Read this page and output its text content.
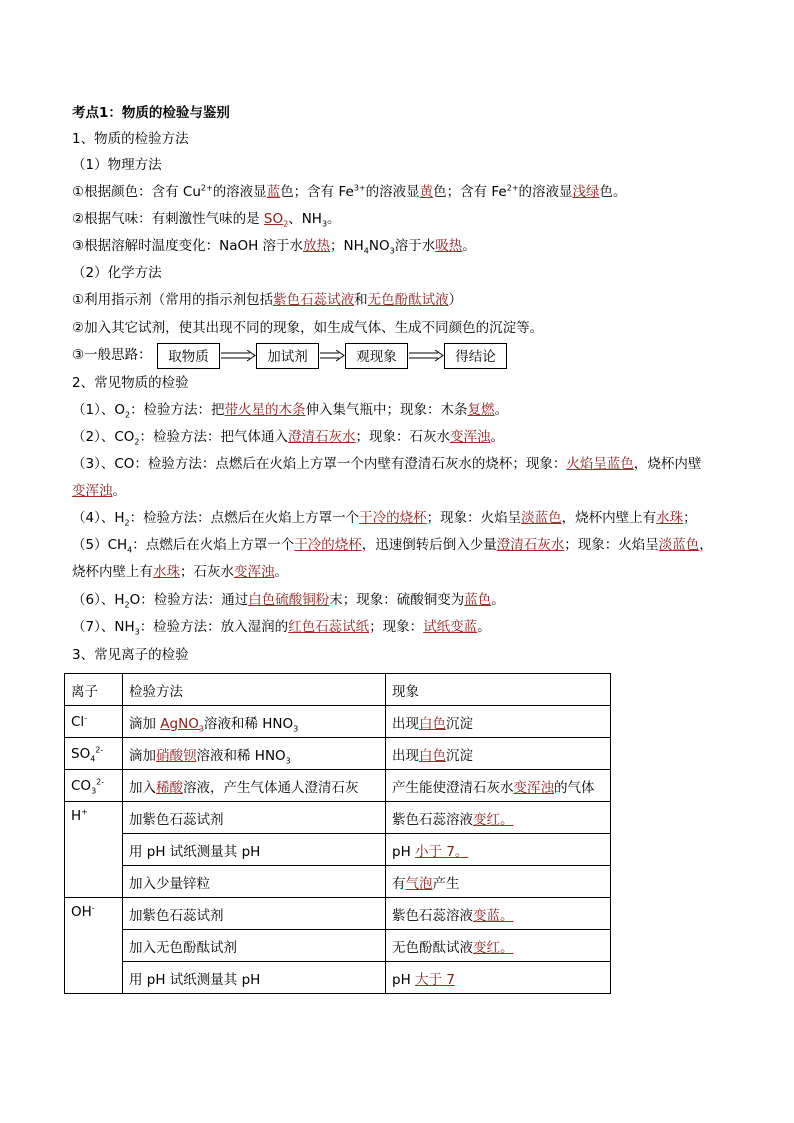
考点1：物质的检验与鉴别
1、物质的检验方法
（1）物理方法
①根据颜色：含有 $Cu^{2+}$的溶液显蓝色；含有 $Fe^{3+}$的溶液显黄色；含有 $Fe^{2+}$的溶液显浅绿色。
②根据气味：有刺激性气味的是 $SO_2$、$NH_3$。
③根据溶解时温度变化：NaOH 溶于水放热；$NH_4NO_3$溶于水吸热。
（2）化学方法
①利用指示剂（常用的指示剂包括紫色石蕊试液和无色酚酞试液）
②加入其它试剂，使其出现不同的现象，如生成气体、生成不同颜色的沉淀等。
③一般思路：	取物质	加试剂	观现象	得结论
2、常见物质的检验
（1）、$O_2$：检验方法：把带火星的木条伸入集气瓶中；现象：木条复燃。
（2）、$CO_2$：检验方法：把气体通入澄清石灰水；现象：石灰水变浑浊。
（3）、CO：检验方法：点燃后在火焰上方罩一个内壁有澄清石灰水的烧杯；现象：火焰呈蓝色，烧杯内壁
变浑浊。
（4）、$H_2$：检验方法：点燃后在火焰上方罩一个干冷的烧杯；现象：火焰呈淡蓝色，烧杯内壁上有水珠；
$(5)CH_4$：点燃后在火焰上方罩一个干冷的烧杯，迅速倒转后倒入少量澄清石灰水；现象：火焰呈淡蓝色，
烧杯内壁上有水珠；石灰水变浑浊。
（6）、$H_2O$：检验方法：通过白色硫酸铜粉末；现象：硫酸铜变为蓝色。
（7）、$NH_3$：检验方法：放入湿润的红色石蕊试纸；现象：试纸变蓝。
3、常见离子的检验
离子	检验方法	现象
Cl-	滴加 AgNO$_3$溶液和稀 $HNO_3$	出现白色沉淀
$SO_4^{2-}$	滴加硝酸钡溶液和稀 $HNO_3$	出现白色沉淀
$CO_3^{2-}$	加入稀酸溶液，产生气体通人澄清石灰	产生能使澄清石灰水变浑浊的气体
H+	加紫色石蕊试剂	紫色石蕊溶液变红。
	用 pH 试纸测量其 pH	pH 小于 7。
	加入少量锌粒	有气泡产生
OH-	加紫色石蕊试剂	紫色石蕊溶液变蓝。
	加入无色酚酞试剂	无色酚酞试液变红。
	用 pH 试纸测量其 pH	pH 大于 7
